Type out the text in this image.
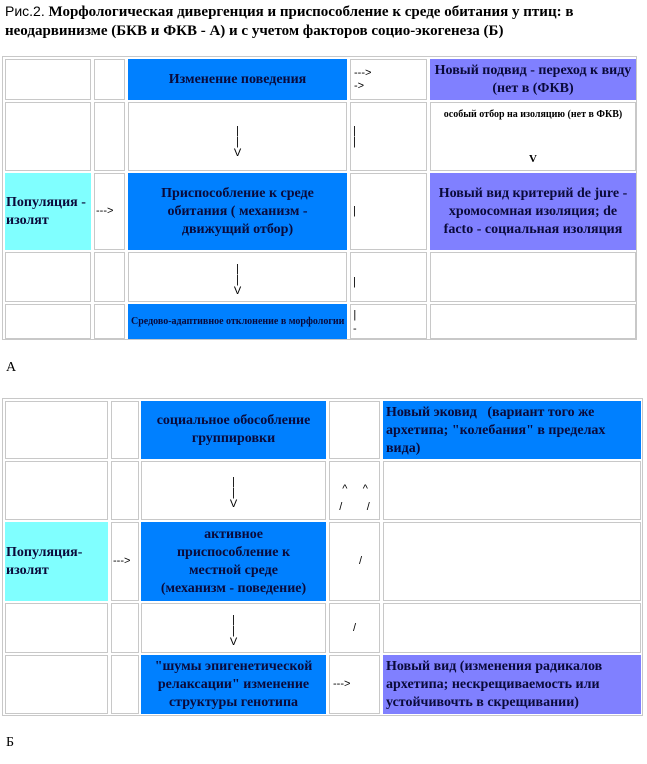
Рис.2. Морфологическая дивергенция и приспособление к среде обитания у птиц: в неодарвинизме (БКВ и ФКВ - А) и с учетом факторов социо-экогенеза (Б)
Изменение поведения	--->
->
Новый подвид - переход к виду (нет в (ФКВ)
|
|
V
|
|
особый отбор на изоляцию (нет в ФКВ)
V
Популяция - изолят
--->
Приспособление к среде обитания ( механизм - движущий отбор)
|
Новый вид критерий de jure - хромосомная изоляция; de facto - социальная изоляция
|
|
V
|
Средово-адаптивное отклонение в морфологии
|
-
А
социальное обособление группировки
Новый эковид   (вариант того же архетипа; "колебания" в пределах вида)
|
|
V
^     ^
/        /
Популяция-изолят
--->
активное приспособление к местной среде (механизм - поведение)
/
|
|
V
/
"шумы эпигенетической релаксации" изменение структуры генотипа
--->
Новый вид (изменения радикалов архетипа; нескрещиваемость или устойчивочть в скрещивании)
Б
